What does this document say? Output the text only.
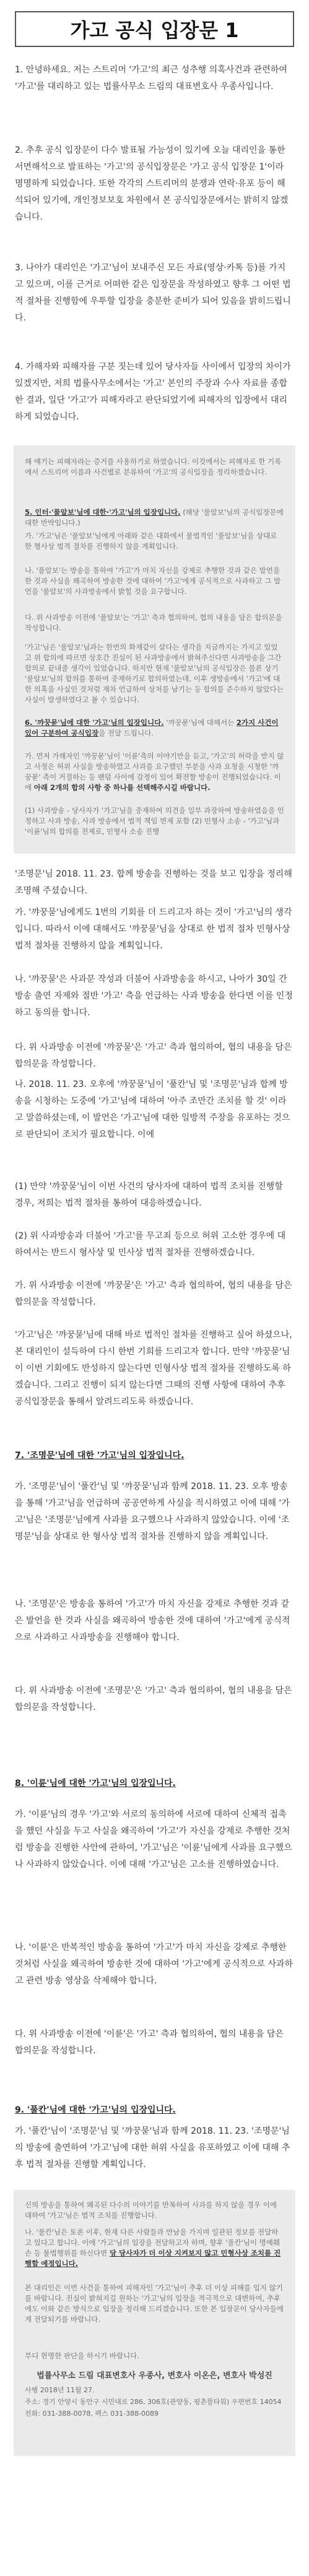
가고 공식 입장문 1

1. 안녕하세요. 저는 스트리머 '가고'의 최근 성추행 의혹사건과 관련하여 '가고'를 대리하고 있는 법률사무소 드림의 대표변호사 우종사입니다.

2. 추후 공식 입장문이 다수 발표될 가능성이 있기에 오늘 대리인을 통한 서면해석으로 발표하는 '가고'의 공식입장문은 '가고 공식 입장문 1'이라 명명하게 되었습니다. 또한 각각의 스트리머의 분쟁과 연락·유포 등이 해석되어 있기에, 개인정보보호 차원에서 본 공식입장문에서는 밝히지 않겠습니다.

3. 나아가 대리인은 '가고'님이 보내주신 모든 자료(영상·카톡 등)를 가지고 있으며, 이를 근거로 어떠한 같은 입장문을 작성하였고 향후 그 어떤 법적 절차를 진행함에 우투할 입장을 충분한 준비가 되어 있음을 밝히드립니다.

4. 가해자와 피해자를 구분 짓는데 있어 당사자들 사이에서 입장의 차이가 있겠지만, 저희 법률사무소에서는 '가고' 본인의 주장과 수사 자료를 종합한 결과, 일단 '가고'가 피해자라고 판단되었기에 피해자의 입장에서 대리하게 되었습니다.

해 얘기는 피해자라는 증거를 사용하기로 하였습니다. 이것에서는 피해자로 한 기록에서 스트리머 이름과 사건별로 분류하여 '가고'의 공식입장을 정리하겠습니다.

5. 인터·'풀알보'님에 대한·'가고'님의 입장입니다. (해당 '풀알보'님의 공식입장문에 대한 반박입니다.)

가. '가고'님은 '풀알보'님에게 아래와 같은 대화에서 불법적인 '풀알보'님을 상대로 한 형사상 법적 절차를 진행하지 않을 계획입니다.

나. '풀알보'는 방송을 통하여 '가고'가 마치 자신을 강제로 추행한 것과 같은 발언을 한 것과 사실을 왜곡하여 방송한 것에 대하여 '가고'에게 공식적으로 사과하고 그 발언을 '풀알보'의 사과방송에서 밝힐 것을 요구합니다.

다. 위 사과방송 이전에 '풀알보'는 '가고' 측과 협의하여, 협의 내용을 담은 합의문을 작성합니다.

'가고'님은 '풀알보'님과는 한번의 화재같이 살다는 생각을 지금까지는 가지고 있었고 위 합의에 따르면 상호간 진실이 된 사과방송에서 밝혀주신다면 사과방송을 그간 합의로 끝내줄 생각이 있었습니다. 하지만 현재 '풀알보'님의 공식입장은 물론 상기 '풀알보'님의 합의를 통하여 중재하기로 합의하였는데, 이후 생방송에서 '가고'에 대한 의혹을 사실인 것처럼 재차 언급하여 상처를 남기는 등 합의를 준수하지 않았다는 사실이 발생하였다고 볼 수 있습니다.

6. '꺄꿍묻'님에 대한 '가고'님의 입장입니다. '꺄꿍묻'님에 대해서는 2가지 사건이 있어 구분하여 공식입장을 전달 드립니다.

가. 먼저 가해자인 '꺄꿍묻'님이 '이륜'측의 이야기만을 듣고, '가고'의 허락을 받지 않고 사정은 허위 사실을 방송하였고 사과를 요구했던 부분을 사과 요청을 시청한 '꺄꿍묻' 측이 거절하는 등 팬덤 사이에 감정이 있어 확전할 방송이 진행되었습니다. 이에 아래 2개의 합의 사항 중 하나를 선택해주시길 바랍니다.

(1) 사과방송 - 당사자가 '가고'님을 중재하여 의견을 일부 과장하여 방송하였음을 인정하고 사과 방송, 사과 방송에서 법적 책임 면제 포함 (2) 민형사 소송 - '가고'님과 '이륜'님의 합의를 전제로, 민형사 소송 진행

'조명문'님 2018. 11. 23. 합께 방송을 진행하는 것을 보고 입장을 정리해 조명해 주셨습니다.

가. '꺄꿍묻'님에게도 1번의 기회를 더 드리고자 하는 것이 '가고'님의 생각입니다. 따라서 이에 대해서도 '꺄꿍묻'님을 상대로 한 법적 절차 민형사상 법적 절차를 진행하지 않을 계획입니다.

나. '꺄꿍묻'은 사과문 작성과 더불어 사과방송을 하시고, 나아가 30일 간 방송 출연 자제와 절반 '가고' 측을 언급하는 사과 방송을 한다면 이를 인정하고 동의를 합니다.

다. 위 사과방송 이전에 '꺄꿍묻'은 '가고' 측과 협의하여, 협의 내용을 담은 합의문을 작성합니다.

나. 2018. 11. 23. 오후에 '꺄꿍묻'님이 '풀칸'님 및 '조명문'님과 합께 방송을 시청하는 도중에 '가고'님에 대하여 '아주 조만간 조치를 할 것' 이라고 말씀하셨는데, 이 발언은 '가고'님에 대한 일방적 주장을 유포하는 것으로 판단되어 조치가 필요합니다. 이에

(1) 만약 '꺄꿍묻'님이 이번 사건의 당사자에 대하여 법적 조치를 진행할 경우, 저희는 법적 절차를 통하여 대응하겠습니다.

(2) 위 사과방송과 더불어 '가고'를 무고죄 등으로 허위 고소한 경우에 대하여서는 반드시 형사상 및 민사상 법적 절차를 진행하겠습니다.

가. 위 사과방송 이전에 '꺄꿍묻'은 '가고' 측과 협의하여, 협의 내용을 담은 합의문을 작성합니다.

'가고'님은 '꺄꿍묻'님에 대해 바로 법적인 절차를 진행하고 싶어 하셨으나, 본 대리인이 설득하여 다시 한번 기회를 드리고자 합니다. 만약 '꺄꿍묻'님이 이번 기회에도 반성하지 않는다면 민형사상 법적 절차를 진행하도록 하겠습니다. 그리고 진행이 되지 않는다면 그때의 진행 사항에 대하여 추후 공식입장문을 통해서 알려드리도록 하겠습니다.

7. '조명문'님에 대한 '가고'님의 입장입니다.

가. '조명문'님이 '풀칸'님 및 '꺄꿍묻'님과 함께 2018. 11. 23. 오후 방송을 통해 '가고'님을 언급하며 공공연하게 사실을 적시하였고 이에 대해 '가고'님은 '조명문'님에게 사과를 요구했으나 사과하지 않았습니다. 이에 '조명문'님을 상대로 한 형사상 법적 절차를 진행하지 않을 계획입니다.

나. '조명문'은 방송을 통하여 '가고'가 마치 자신을 강제로 추행한 것과 같은 발언을 한 것과 사실을 왜곡하여 방송한 것에 대하여 '가고'에게 공식적으로 사과하고 사과방송을 진행해야 합니다.

다. 위 사과방송 이전에 '조명문'은 '가고' 측과 협의하여, 협의 내용을 담은 합의문을 작성합니다.

8. '이륜'님에 대한 '가고'님의 입장입니다.

가. '이륜'님의 경우 '가고'와 서로의 동의하에 서로에 대하여 신체적 접촉을 했던 사실을 두고 사실을 왜곡하여 '가고'가 자신을 강제로 추행한 것처럼 방송을 진행한 사안에 관하여, '가고'님은 '이륜'님에게 사과를 요구했으나 사과하지 않았습니다. 이에 대해 '가고'님은 고소를 진행하였습니다.

나. '이륜'은 반복적인 방송을 통하여 '가고'가 마치 자신을 강제로 추행한 것처럼 사실을 왜곡하여 방송한 것에 대하여 '가고'에게 공식적으로 사과하고 관련 방송 영상을 삭제해야 합니다.

다. 위 사과방송 이전에 '이륜'은 '가고' 측과 협의하여, 협의 내용을 담은 합의문을 작성합니다.

9. '풀칸'님에 대한 '가고'님의 입장입니다.

가. '풀칸'님이 '조명문'님 및 '꺄꿍묻'님과 함께 2018. 11. 23. '조명문'님의 방송에 출연하여 '가고'님에 대한 허위 사실을 유포하였고 이에 대해 추후 법적 절차를 진행할 계획입니다.

신의 방송을 통하여 왜곡된 다수의 이야기를 반복하여 사과를 하지 않을 경우 이에 대하여 '가고'님은 법적 조치를 진행합니다.

나. '풀칸'님은 토론 이후, 현재 다른 사람들과 만남을 가지며 일관된 정보를 전달하고 있다고 합니다. 이에 '가고'님의 입장을 전달하고자 하며, 향후 '풀칸'님이 명예훼손 등 불법행위를 하신다면 당 당사자가 더 이상 지켜보지 않고 민형사상 조치를 진행할 예정입니다.

본 대리인은 이번 사건을 통하여 피해자인 '가고'님이 추후 더 이상 피해를 입지 않기를 바랍니다. 진실이 밝혀지길 원하는 '가고'님의 입장을 적극적으로 대변하여, 추후에도 이와 같은 방식으로 입장을 정리해 드리겠습니다. 또한 본 입장문이 당사자들에게 전달되기를 바랍니다.

부디 현명한 판단을 하시기 바랍니다.

법률사무소 드림 대표변호사 우종사, 변호사 이온은, 변호사 박성진
사행 2018년 11월 27.
주소: 경기 안양시 동안구 시민대로 286, 306호(관양동, 평촌뜰타워) 우편번호 14054
전화: 031-388-0078, 팩스 031-388-0089
